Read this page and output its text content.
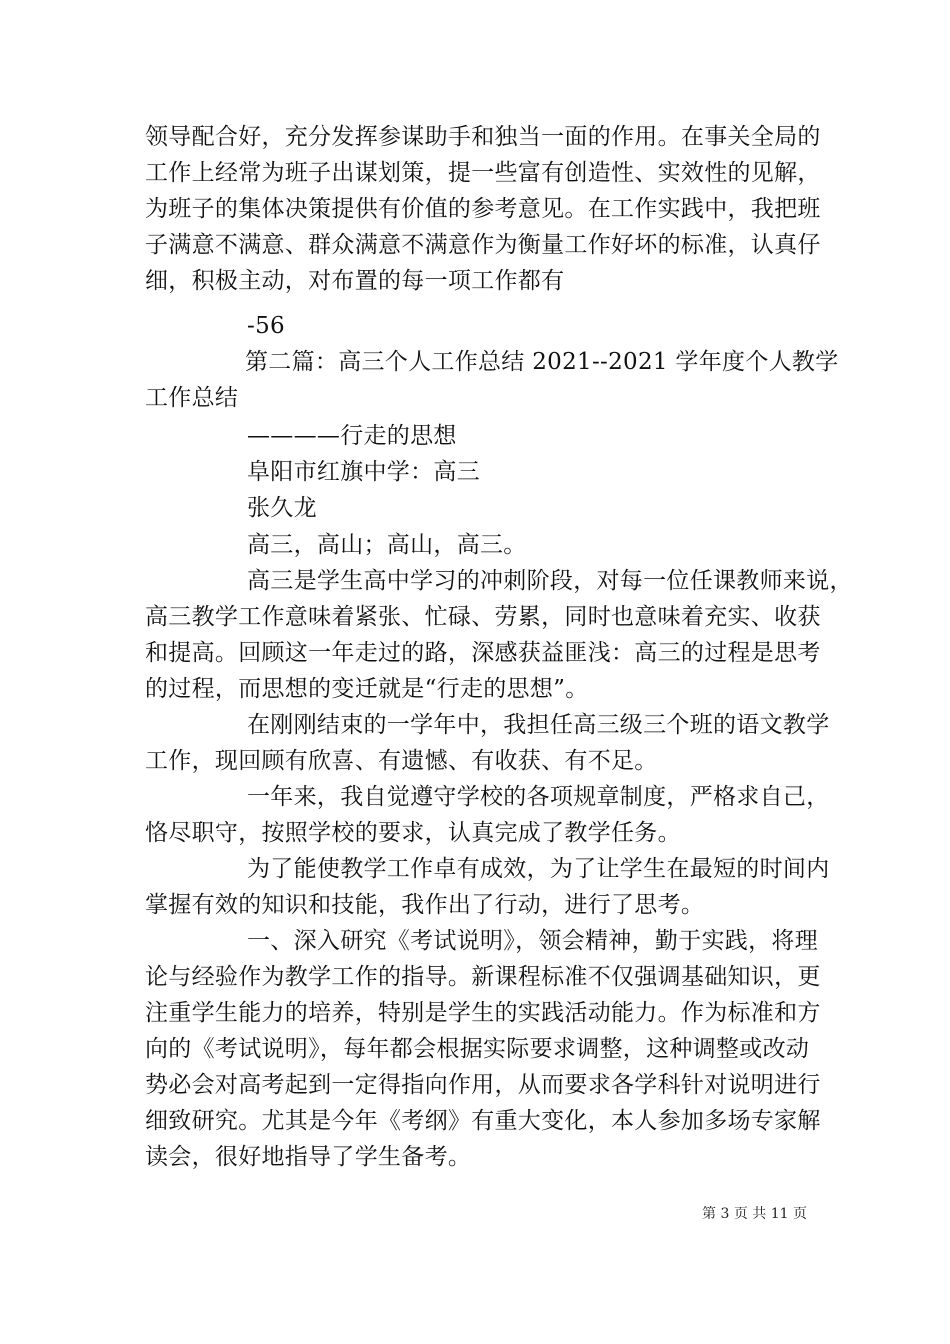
领导配合好，充分发挥参谋助手和独当一面的作用。在事关全局的
工作上经常为班子出谋划策，提一些富有创造性、实效性的见解，
为班子的集体决策提供有价值的参考意见。在工作实践中，我把班
子满意不满意、群众满意不满意作为衡量工作好坏的标准，认真仔
细，积极主动，对布置的每一项工作都有
-56
第二篇：高三个人工作总结 2021--2021 学年度个人教学
工作总结
————行走的思想
阜阳市红旗中学：高三
张久龙
高三，高山；高山，高三。
高三是学生高中学习的冲刺阶段，对每一位任课教师来说，
高三教学工作意味着紧张、忙碌、劳累，同时也意味着充实、收获
和提高。回顾这一年走过的路，深感获益匪浅：高三的过程是思考
的过程，而思想的变迁就是“行走的思想”。
在刚刚结束的一学年中，我担任高三级三个班的语文教学
工作，现回顾有欣喜、有遗憾、有收获、有不足。
一年来，我自觉遵守学校的各项规章制度，严格求自己，
恪尽职守，按照学校的要求，认真完成了教学任务。
为了能使教学工作卓有成效，为了让学生在最短的时间内
掌握有效的知识和技能，我作出了行动，进行了思考。
一、深入研究《考试说明》，领会精神，勤于实践，将理
论与经验作为教学工作的指导。新课程标准不仅强调基础知识，更
注重学生能力的培养，特别是学生的实践活动能力。作为标准和方
向的《考试说明》，每年都会根据实际要求调整，这种调整或改动
势必会对高考起到一定得指向作用，从而要求各学科针对说明进行
细致研究。尤其是今年《考纲》有重大变化，本人参加多场专家解
读会，很好地指导了学生备考。
第 3 页 共 11 页
